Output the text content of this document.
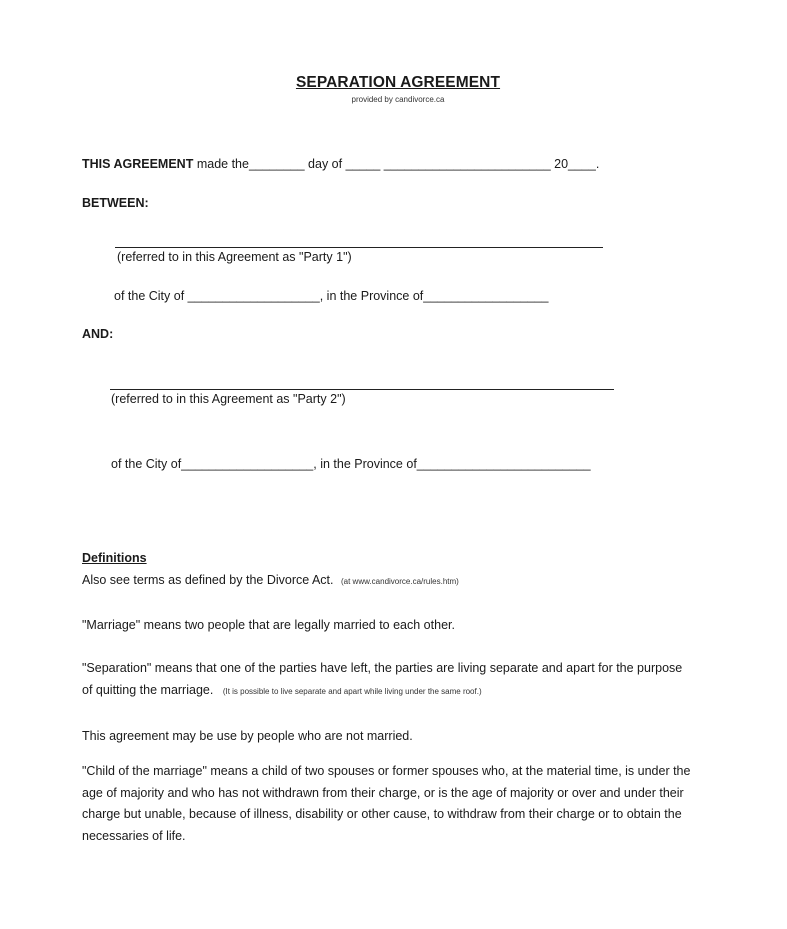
SEPARATION AGREEMENT
provided by candivorce.ca
THIS AGREEMENT made the________ day of _____ ________________________ 20____.
BETWEEN:
(referred to in this Agreement as "Party 1")
of the City of ___________________, in the Province of__________________
AND:
(referred to in this Agreement as "Party 2")
of the City of___________________, in the Province of_________________________
Definitions
Also see terms as defined by the Divorce Act. (at www.candivorce.ca/rules.htm)
"Marriage" means two people that are legally married to each other.
"Separation" means that one of the parties have left, the parties are living separate and apart for the purpose
of quitting the marriage. (It is possible to live separate and apart while living under the same roof.)
This agreement may be use by people who are not married.
"Child of the marriage" means a child of two spouses or former spouses who, at the material time, is under the
age of majority and who has not withdrawn from their charge, or is the age of majority or over and under their
charge but unable, because of illness, disability or other cause, to withdraw from their charge or to obtain the
necessaries of life.
